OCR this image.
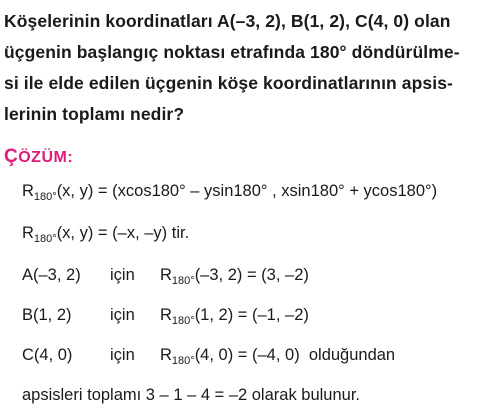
Köşelerinin koordinatları A(–3, 2), B(1, 2), C(4, 0) olan
üçgenin başlangıç noktası etrafında 180° döndürülme-
si ile elde edilen üçgenin köşe koordinatlarının apsis-
lerinin toplamı nedir?
ÇÖZÜM:
$R_{180^\circ}(x$, y) = (xcos180° – ysin180° , xsin180° + ycos180°)
$R_{180^\circ}(x$, y) = (–x, –y) tir.
A(–3, 2) için $R_{180^\circ}(-3$, 2) = (3, –2)
B(1, 2) için $R_{180^\circ}(1$, 2) = (–1, –2)
C(4, 0) için $R_{180^\circ}(4$, 0) = (–4, 0)  olduğundan
apsisleri toplamı 3 – 1 – 4 = –2 olarak bulunur.
